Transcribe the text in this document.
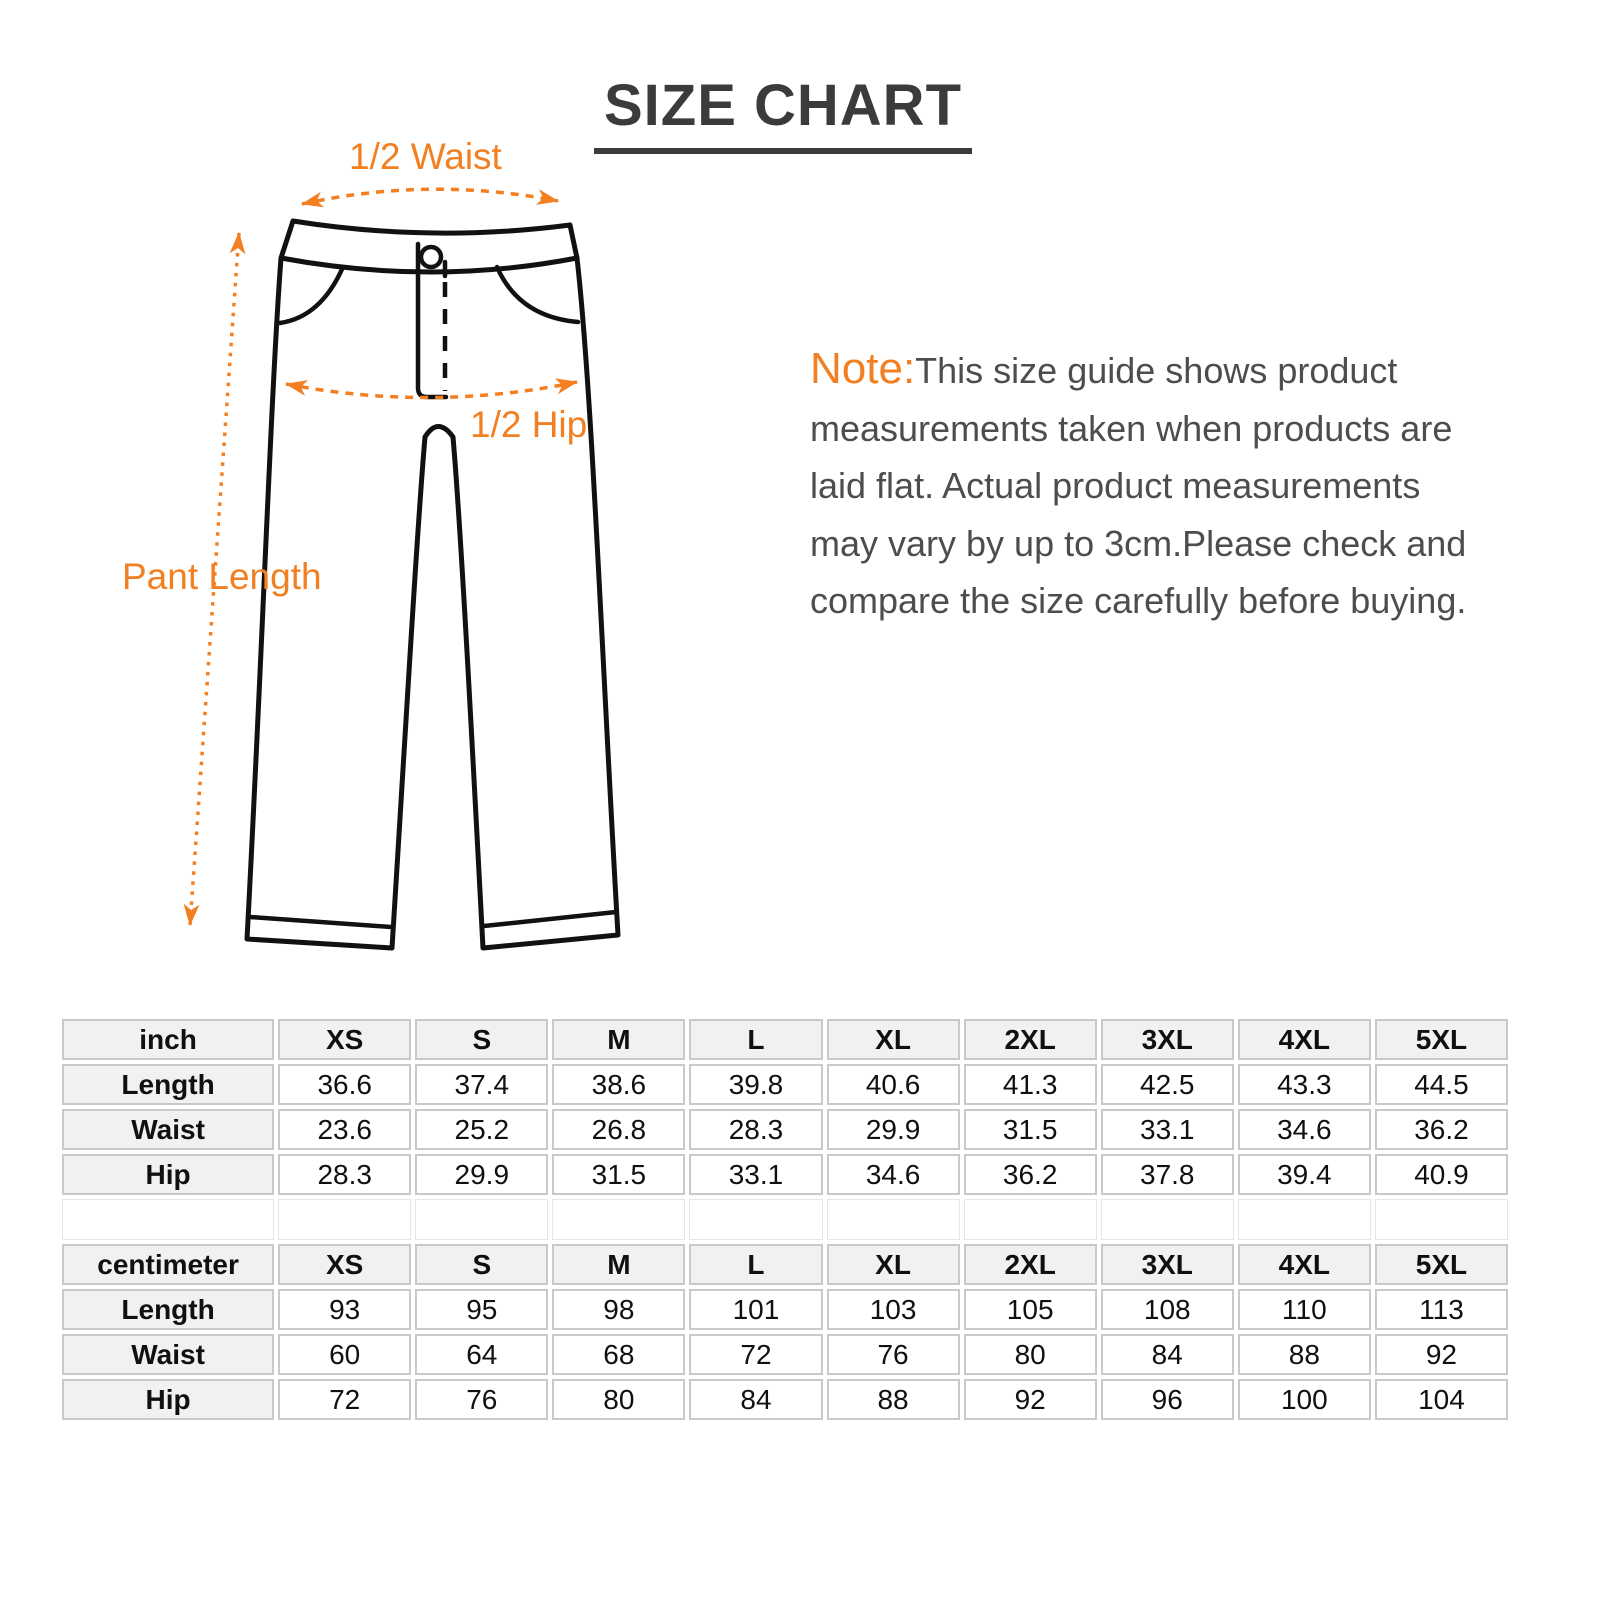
SIZE CHART
1/2 Waist
1/2 Hip
Pant Length
Note:This size guide shows product
measurements taken when products are
laid flat. Actual product measurements
may vary by up to 3cm.Please check and
compare the size carefully before buying.
inch	XS	S	M	L	XL	2XL	3XL	4XL	5XL
Length	36.6	37.4	38.6	39.8	40.6	41.3	42.5	43.3	44.5
Waist	23.6	25.2	26.8	28.3	29.9	31.5	33.1	34.6	36.2
Hip	28.3	29.9	31.5	33.1	34.6	36.2	37.8	39.4	40.9

centimeter	XS	S	M	L	XL	2XL	3XL	4XL	5XL
Length	93	95	98	101	103	105	108	110	113
Waist	60	64	68	72	76	80	84	88	92
Hip	72	76	80	84	88	92	96	100	104
